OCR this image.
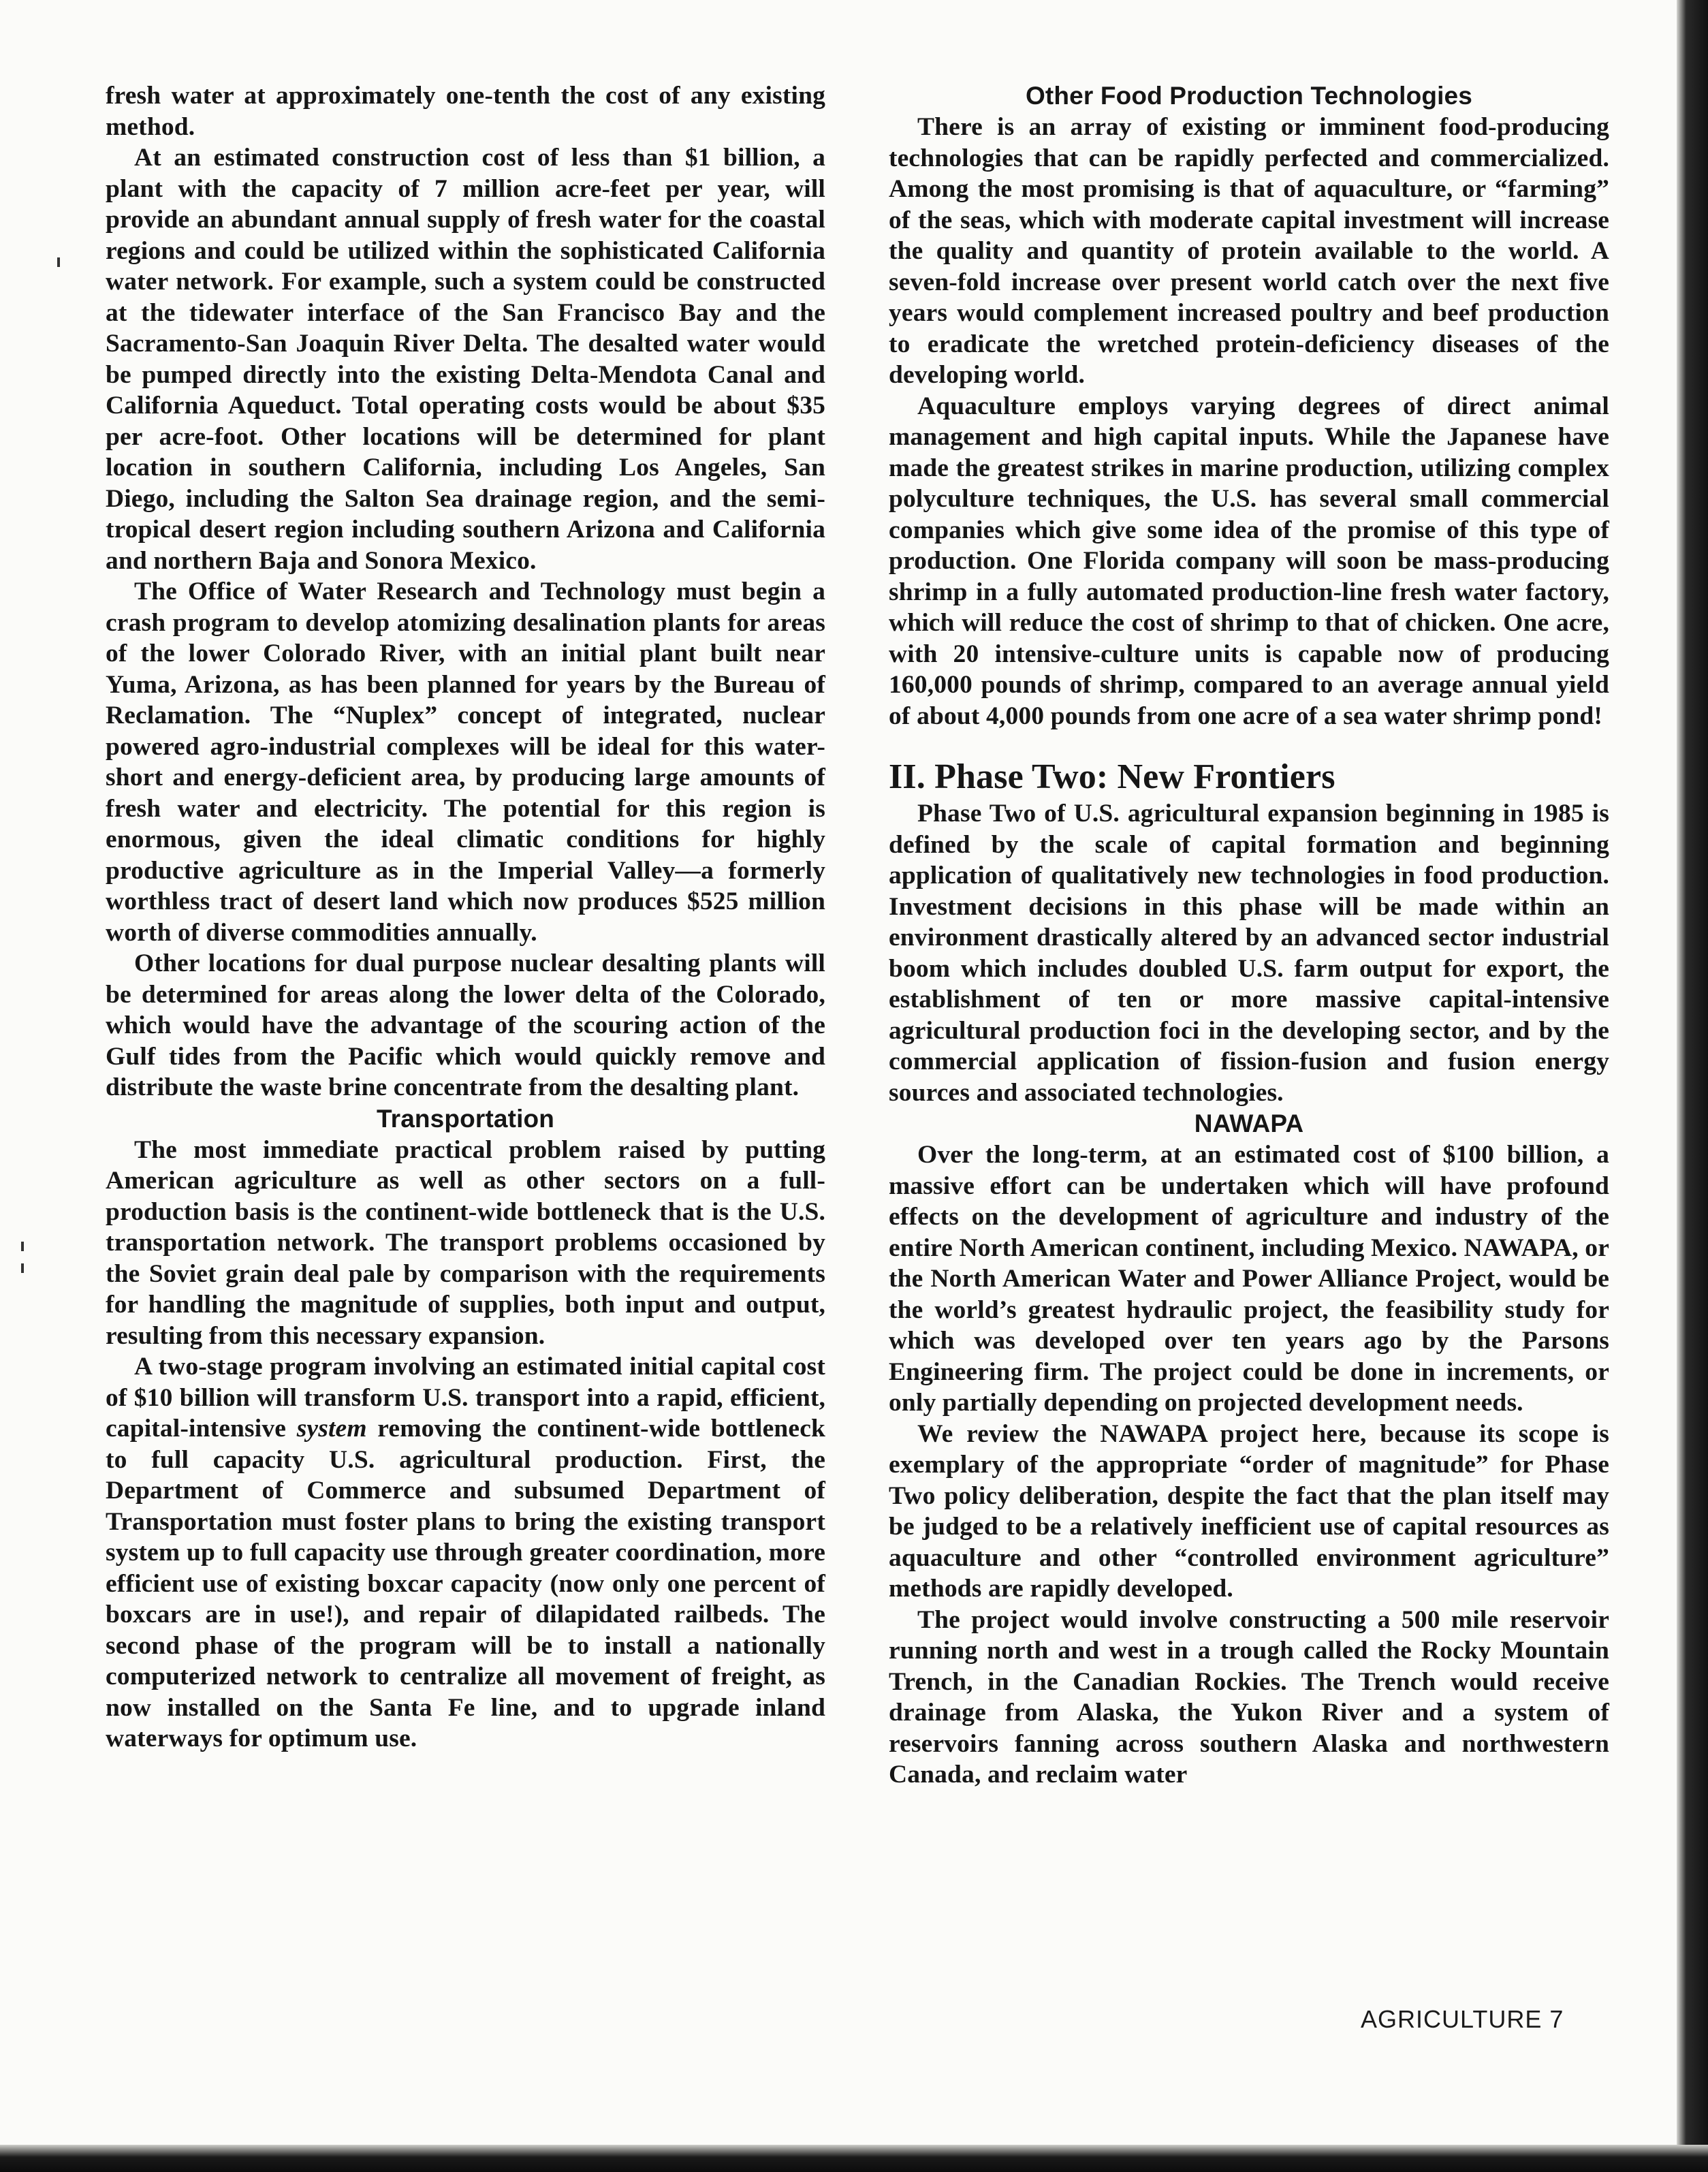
fresh water at approximately one-tenth the cost of any existing method.

At an estimated construction cost of less than $1 billion, a plant with the capacity of 7 million acre-feet per year, will provide an abundant annual supply of fresh water for the coastal regions and could be utilized within the sophisticated California water network. For example, such a system could be constructed at the tidewater interface of the San Francisco Bay and the Sacramento-San Joaquin River Delta. The desalted water would be pumped directly into the existing Delta-Mendota Canal and California Aqueduct. Total operating costs would be about $35 per acre-foot. Other locations will be determined for plant location in southern California, including Los Angeles, San Diego, including the Salton Sea drainage region, and the semi-tropical desert region including southern Arizona and California and northern Baja and Sonora Mexico.

The Office of Water Research and Technology must begin a crash program to develop atomizing desalination plants for areas of the lower Colorado River, with an initial plant built near Yuma, Arizona, as has been planned for years by the Bureau of Reclamation. The “Nuplex” concept of integrated, nuclear powered agro-industrial complexes will be ideal for this water-short and energy-deficient area, by producing large amounts of fresh water and electricity. The potential for this region is enormous, given the ideal climatic conditions for highly productive agriculture as in the Imperial Valley—a formerly worthless tract of desert land which now produces $525 million worth of diverse commodities annually.

Other locations for dual purpose nuclear desalting plants will be determined for areas along the lower delta of the Colorado, which would have the advantage of the scouring action of the Gulf tides from the Pacific which would quickly remove and distribute the waste brine concentrate from the desalting plant.

Transportation

The most immediate practical problem raised by putting American agriculture as well as other sectors on a full-production basis is the continent-wide bottleneck that is the U.S. transportation network. The transport problems occasioned by the Soviet grain deal pale by comparison with the requirements for handling the magnitude of supplies, both input and output, resulting from this necessary expansion.

A two-stage program involving an estimated initial capital cost of $10 billion will transform U.S. transport into a rapid, efficient, capital-intensive system removing the continent-wide bottleneck to full capacity U.S. agricultural production. First, the Department of Commerce and subsumed Department of Transportation must foster plans to bring the existing transport system up to full capacity use through greater coordination, more efficient use of existing boxcar capacity (now only one percent of boxcars are in use!), and repair of dilapidated railbeds. The second phase of the program will be to install a nationally computerized network to centralize all movement of freight, as now installed on the Santa Fe line, and to upgrade inland waterways for optimum use.

Other Food Production Technologies

There is an array of existing or imminent food-producing technologies that can be rapidly perfected and commercialized. Among the most promising is that of aquaculture, or “farming” of the seas, which with moderate capital investment will increase the quality and quantity of protein available to the world. A seven-fold increase over present world catch over the next five years would complement increased poultry and beef production to eradicate the wretched protein-deficiency diseases of the developing world.

Aquaculture employs varying degrees of direct animal management and high capital inputs. While the Japanese have made the greatest strikes in marine production, utilizing complex polyculture techniques, the U.S. has several small commercial companies which give some idea of the promise of this type of production. One Florida company will soon be mass-producing shrimp in a fully automated production-line fresh water factory, which will reduce the cost of shrimp to that of chicken. One acre, with 20 intensive-culture units is capable now of producing 160,000 pounds of shrimp, compared to an average annual yield of about 4,000 pounds from one acre of a sea water shrimp pond!

II. Phase Two: New Frontiers

Phase Two of U.S. agricultural expansion beginning in 1985 is defined by the scale of capital formation and beginning application of qualitatively new technologies in food production. Investment decisions in this phase will be made within an environment drastically altered by an advanced sector industrial boom which includes doubled U.S. farm output for export, the establishment of ten or more massive capital-intensive agricultural production foci in the developing sector, and by the commercial application of fission-fusion and fusion energy sources and associated technologies.

NAWAPA

Over the long-term, at an estimated cost of $100 billion, a massive effort can be undertaken which will have profound effects on the development of agriculture and industry of the entire North American continent, including Mexico. NAWAPA, or the North American Water and Power Alliance Project, would be the world’s greatest hydraulic project, the feasibility study for which was developed over ten years ago by the Parsons Engineering firm. The project could be done in increments, or only partially depending on projected development needs.

We review the NAWAPA project here, because its scope is exemplary of the appropriate “order of magnitude” for Phase Two policy deliberation, despite the fact that the plan itself may be judged to be a relatively inefficient use of capital resources as aquaculture and other “controlled environment agriculture” methods are rapidly developed.

The project would involve constructing a 500 mile reservoir running north and west in a trough called the Rocky Mountain Trench, in the Canadian Rockies. The Trench would receive drainage from Alaska, the Yukon River and a system of reservoirs fanning across southern Alaska and northwestern Canada, and reclaim water

AGRICULTURE 7
